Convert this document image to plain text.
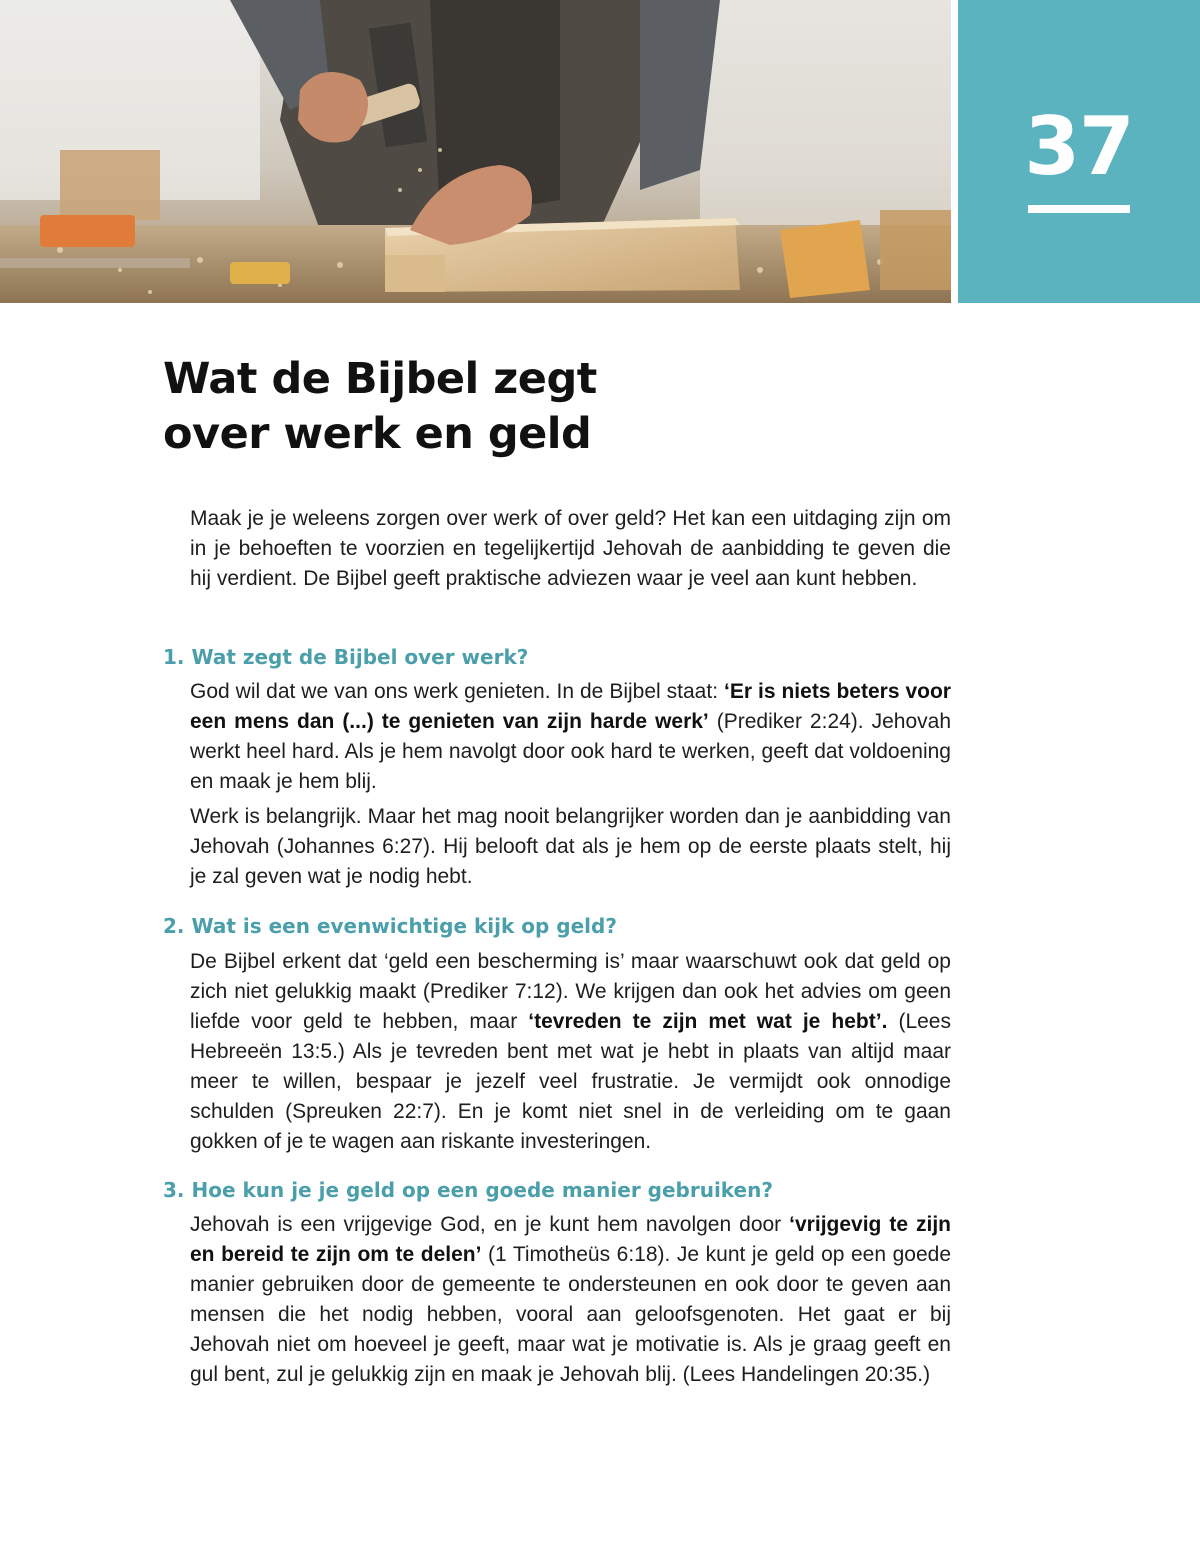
37
Wat de Bijbel zegt
over werk en geld

Maak je je weleens zorgen over werk of over geld? Het kan een uitdaging zijn om in je behoeften te voorzien en tegelijkertijd Jehovah de aanbidding te geven die hij verdient. De Bijbel geeft praktische adviezen waar je veel aan kunt hebben.

1. Wat zegt de Bijbel over werk?

God wil dat we van ons werk genieten. In de Bijbel staat: ‘Er is niets beters voor een mens dan (...) te genieten van zijn harde werk’ (Prediker 2:24). Jehovah werkt heel hard. Als je hem navolgt door ook hard te werken, geeft dat voldoening en maak je hem blij.

Werk is belangrijk. Maar het mag nooit belangrijker worden dan je aanbidding van Jehovah (Johannes 6:27). Hij belooft dat als je hem op de eerste plaats stelt, hij je zal geven wat je nodig hebt.

2. Wat is een evenwichtige kijk op geld?

De Bijbel erkent dat ‘geld een bescherming is’ maar waarschuwt ook dat geld op zich niet gelukkig maakt (Prediker 7:12). We krijgen dan ook het advies om geen liefde voor geld te hebben, maar ‘tevreden te zijn met wat je hebt’. (Lees Hebreeën 13:5.) Als je tevreden bent met wat je hebt in plaats van altijd maar meer te willen, bespaar je jezelf veel frustratie. Je vermijdt ook onnodige schulden (Spreuken 22:7). En je komt niet snel in de verleiding om te gaan gokken of je te wagen aan riskante investeringen.

3. Hoe kun je je geld op een goede manier gebruiken?

Jehovah is een vrijgevige God, en je kunt hem navolgen door ‘vrijgevig te zijn en bereid te zijn om te delen’ (1 Timotheüs 6:18). Je kunt je geld op een goede manier gebruiken door de gemeente te ondersteunen en ook door te geven aan mensen die het nodig hebben, vooral aan geloofsgenoten. Het gaat er bij Jehovah niet om hoeveel je geeft, maar wat je motivatie is. Als je graag geeft en gul bent, zul je gelukkig zijn en maak je Jehovah blij. (Lees Handelingen 20:35.)
